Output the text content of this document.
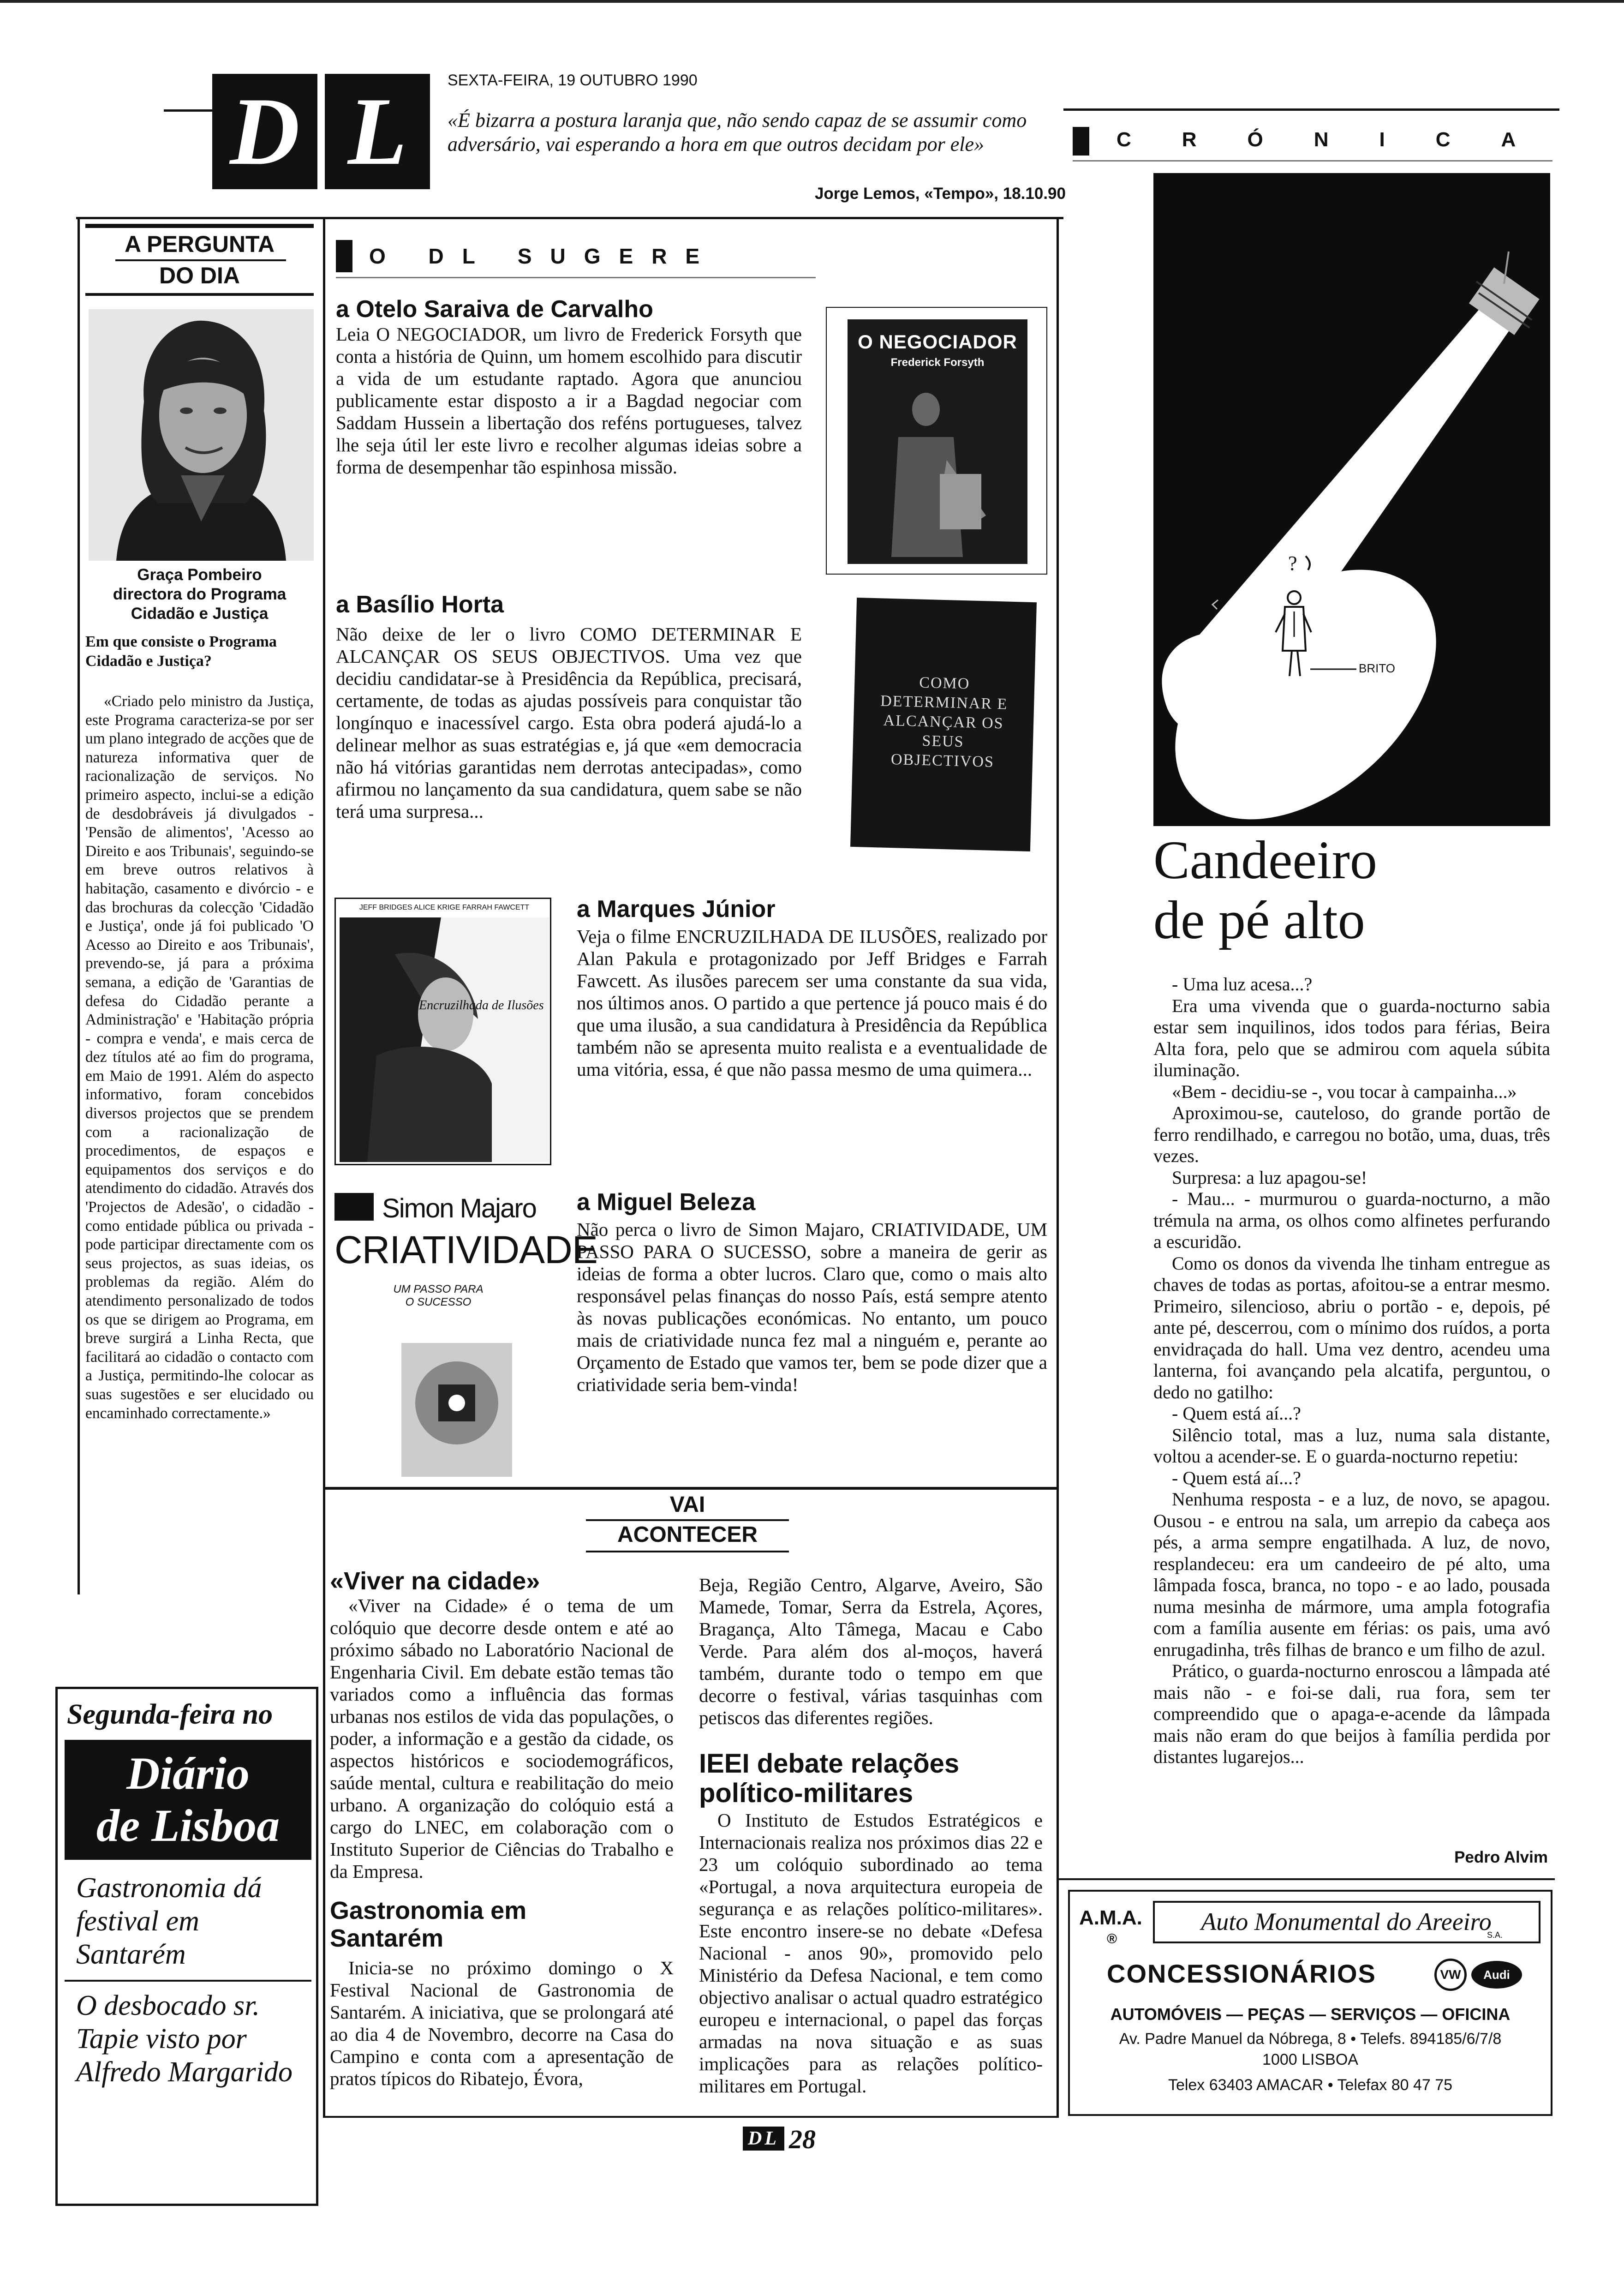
D L	SEXTA-FEIRA, 19 OUTUBRO 1990
«É bizarra a postura laranja que, não sendo capaz de se assumir como adversário, vai esperando a hora em que outros decidam por ele»
Jorge Lemos, «Tempo», 18.10.90
A PERGUNTA
DO DIA
Graça Pombeiro
directora do Programa Cidadão e Justiça
Em que consiste o Programa Cidadão e Justiça?
«Criado pelo ministro da Justiça, este Programa caracteriza-se por ser um plano integrado de acções que de natureza informativa quer de racionalização de serviços. No primeiro aspecto, inclui-se a edição de desdobráveis já divulgados - 'Pensão de alimentos', 'Acesso ao Direito e aos Tribunais', seguindo-se em breve outros relativos à habitação, casamento e divórcio - e das brochuras da colecção 'Cidadão e Justiça', onde já foi publicado 'O Acesso ao Direito e aos Tribunais', prevendo-se, já para a próxima semana, a edição de 'Garantias de defesa do Cidadão perante a Administração' e 'Habitação própria - compra e venda', e mais cerca de dez títulos até ao fim do programa, em Maio de 1991. Além do aspecto informativo, foram concebidos diversos projectos que se prendem com a racionalização de procedimentos, de espaços e equipamentos dos serviços e do atendimento do cidadão. Através dos 'Projectos de Adesão', o cidadão - como entidade pública ou privada - pode participar directamente com os seus projectos, as suas ideias, os problemas da região. Além do atendimento personalizado de todos os que se dirigem ao Programa, em breve surgirá a Linha Recta, que facilitará ao cidadão o contacto com a Justiça, permitindo-lhe colocar as suas sugestões e ser elucidado ou encaminhado correctamente.»
Segunda-feira no
Diário
de Lisboa
Gastronomia dá festival em Santarém
O desbocado sr. Tapie visto por Alfredo Margarido
O DL SUGERE
a Otelo Saraiva de Carvalho
Leia O NEGOCIADOR, um livro de Frederick Forsyth que conta a história de Quinn, um homem escolhido para discutir a vida de um estudante raptado. Agora que anunciou publicamente estar disposto a ir a Bagdad negociar com Saddam Hussein a libertação dos reféns portugueses, talvez lhe seja útil ler este livro e recolher algumas ideias sobre a forma de desempenhar tão espinhosa missão.
O NEGOCIADOR
Frederick Forsyth
a Basílio Horta
Não deixe de ler o livro COMO DETERMINAR E ALCANÇAR OS SEUS OBJECTIVOS. Uma vez que decidiu candidatar-se à Presidência da República, precisará, certamente, de todas as ajudas possíveis para conquistar tão longínquo e inacessível cargo. Esta obra poderá ajudá-lo a delinear melhor as suas estratégias e, já que «em democracia não há vitórias garantidas nem derrotas antecipadas», como afirmou no lançamento da sua candidatura, quem sabe se não terá uma surpresa...
COMO DETERMINAR E ALCANÇAR OS SEUS OBJECTIVOS
JEFF BRIDGES ALICE KRIGE FARRAH FAWCETT
Encruzilhada de Ilusões
a Marques Júnior
Veja o filme ENCRUZILHADA DE ILUSÕES, realizado por Alan Pakula e protagonizado por Jeff Bridges e Farrah Fawcett. As ilusões parecem ser uma constante da sua vida, nos últimos anos. O partido a que pertence já pouco mais é do que uma ilusão, a sua candidatura à Presidência da República também não se apresenta muito realista e a eventualidade de uma vitória, essa, é que não passa mesmo de uma quimera...
Simon Majaro
CRIATIVIDADE
UM PASSO PARA O SUCESSO
a Miguel Beleza
Não perca o livro de Simon Majaro, CRIATIVIDADE, UM PASSO PARA O SUCESSO, sobre a maneira de gerir as ideias de forma a obter lucros. Claro que, como o mais alto responsável pelas finanças do nosso País, está sempre atento às novas publicações económicas. No entanto, um pouco mais de criatividade nunca fez mal a ninguém e, perante ao Orçamento de Estado que vamos ter, bem se pode dizer que a criatividade seria bem-vinda!
VAI
ACONTECER
«Viver na cidade»
«Viver na Cidade» é o tema de um colóquio que decorre desde ontem e até ao próximo sábado no Laboratório Nacional de Engenharia Civil. Em debate estão temas tão variados como a influência das formas urbanas nos estilos de vida das populações, o poder, a informação e a gestão da cidade, os aspectos históricos e sociodemográficos, saúde mental, cultura e reabilitação do meio urbano. A organização do colóquio está a cargo do LNEC, em colaboração com o Instituto Superior de Ciências do Trabalho e da Empresa.
Gastronomia em Santarém
Inicia-se no próximo domingo o X Festival Nacional de Gastronomia de Santarém. A iniciativa, que se prolongará até ao dia 4 de Novembro, decorre na Casa do Campino e conta com a apresentação de pratos típicos do Ribatejo, Évora,
Beja, Região Centro, Algarve, Aveiro, São Mamede, Tomar, Serra da Estrela, Açores, Bragança, Alto Tâmega, Macau e Cabo Verde. Para além dos al-moços, haverá também, durante todo o tempo em que decorre o festival, várias tasquinhas com petiscos das diferentes regiões.
IEEI debate relações político-militares
O Instituto de Estudos Estratégicos e Internacionais realiza nos próximos dias 22 e 23 um colóquio subordinado ao tema «Portugal, a nova arquitectura europeia de segurança e as relações político-militares». Este encontro insere-se no debate «Defesa Nacional - anos 90», promovido pelo Ministério da Defesa Nacional, e tem como objectivo analisar o actual quadro estratégico europeu e internacional, o papel das forças armadas na nova situação e as suas implicações para as relações político-militares em Portugal.
CRÓNICA
?
BRITO
Candeeiro
de pé alto

- Uma luz acesa...?

Era uma vivenda que o guarda-nocturno sabia estar sem inquilinos, idos todos para férias, Beira Alta fora, pelo que se admirou com aquela súbita iluminação.

«Bem - decidiu-se -, vou tocar à campainha...»

Aproximou-se, cauteloso, do grande portão de ferro rendilhado, e carregou no botão, uma, duas, três vezes.

Surpresa: a luz apagou-se!

- Mau... - murmurou o guarda-nocturno, a mão trémula na arma, os olhos como alfinetes perfurando a escuridão.

Como os donos da vivenda lhe tinham entregue as chaves de todas as portas, afoitou-se a entrar mesmo. Primeiro, silencioso, abriu o portão - e, depois, pé ante pé, descerrou, com o mínimo dos ruídos, a porta envidraçada do hall. Uma vez dentro, acendeu uma lanterna, foi avançando pela alcatifa, perguntou, o dedo no gatilho:

- Quem está aí...?

Silêncio total, mas a luz, numa sala distante, voltou a acender-se. E o guarda-nocturno repetiu:

- Quem está aí...?

Nenhuma resposta - e a luz, de novo, se apagou. Ousou - e entrou na sala, um arrepio da cabeça aos pés, a arma sempre engatilhada. A luz, de novo, resplandeceu: era um candeeiro de pé alto, uma lâmpada fosca, branca, no topo - e ao lado, pousada numa mesinha de mármore, uma ampla fotografia com a família ausente em férias: os pais, uma avó enrugadinha, três filhas de branco e um filho de azul.

Prático, o guarda-nocturno enroscou a lâmpada até mais não - e foi-se dali, rua fora, sem ter compreendido que o apaga-e-acende da lâmpada mais não eram do que beijos à família perdida por distantes lugarejos...

Pedro Alvim
A.M.A.
®
Auto Monumental do Areeiro
S.A.
CONCESSIONÁRIOS	VW	Audi
AUTOMÓVEIS — PEÇAS — SERVIÇOS — OFICINA
Av. Padre Manuel da Nóbrega, 8 • Telefs. 894185/6/7/8
1000 LISBOA
Telex 63403 AMACAR • Telefax 80 47 75
DL 28
